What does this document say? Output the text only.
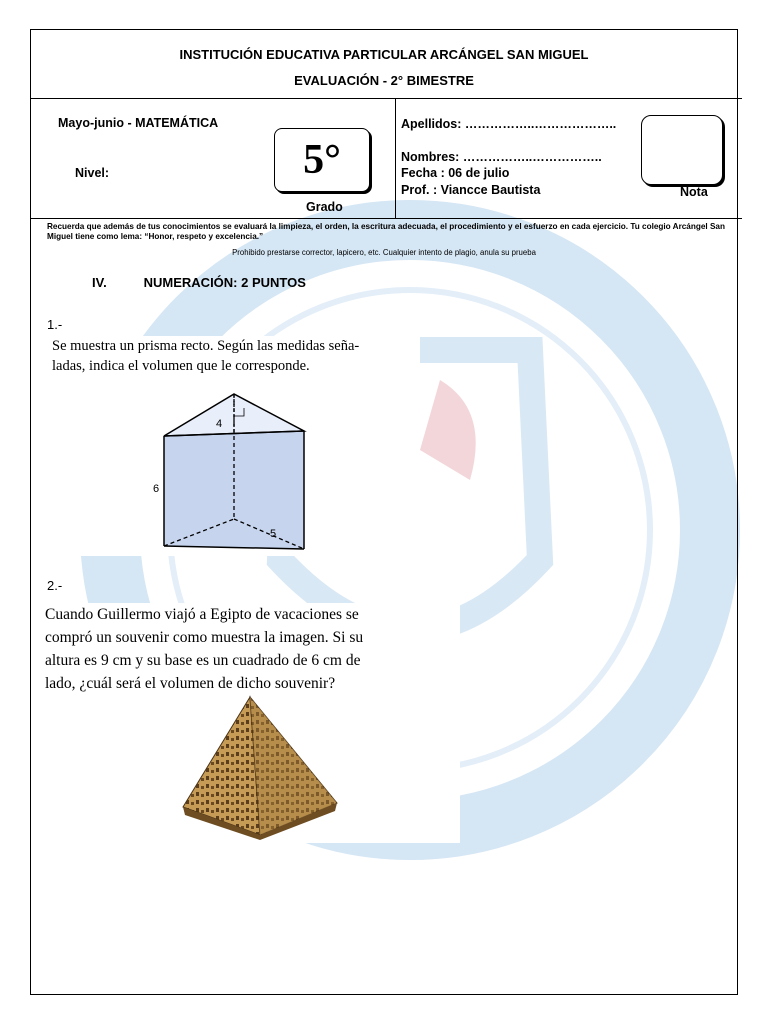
INSTITUCIÓN EDUCATIVA PARTICULAR ARCÁNGEL SAN MIGUEL
EVALUACIÓN - 2° BIMESTRE
Mayo-junio - MATEMÁTICA
Nivel:	5°
Grado
Apellidos: ……………..………………..
Nombres: ……………..……………..
Fecha : 06 de julio
Prof. : Viancce Bautista	Nota
Recuerda que además de tus conocimientos se evaluará la limpieza, el orden, la escritura adecuada, el procedimiento y el esfuerzo en cada ejercicio. Tu colegio Arcángel San Miguel tiene como lema: “Honor, respeto y excelencia.”
Prohibido prestarse corrector, lapicero, etc. Cualquier intento de plagio, anula su prueba
IV.	NUMERACIÓN: 2 PUNTOS
1.-
Se muestra un prisma recto. Según las medidas seña-
ladas, indica el volumen que le corresponde.
4
6
5
2.-
Cuando Guillermo viajó a Egipto de vacaciones se
compró un souvenir como muestra la imagen. Si su
altura es 9 cm y su base es un cuadrado de 6 cm de
lado, ¿cuál será el volumen de dicho souvenir?
